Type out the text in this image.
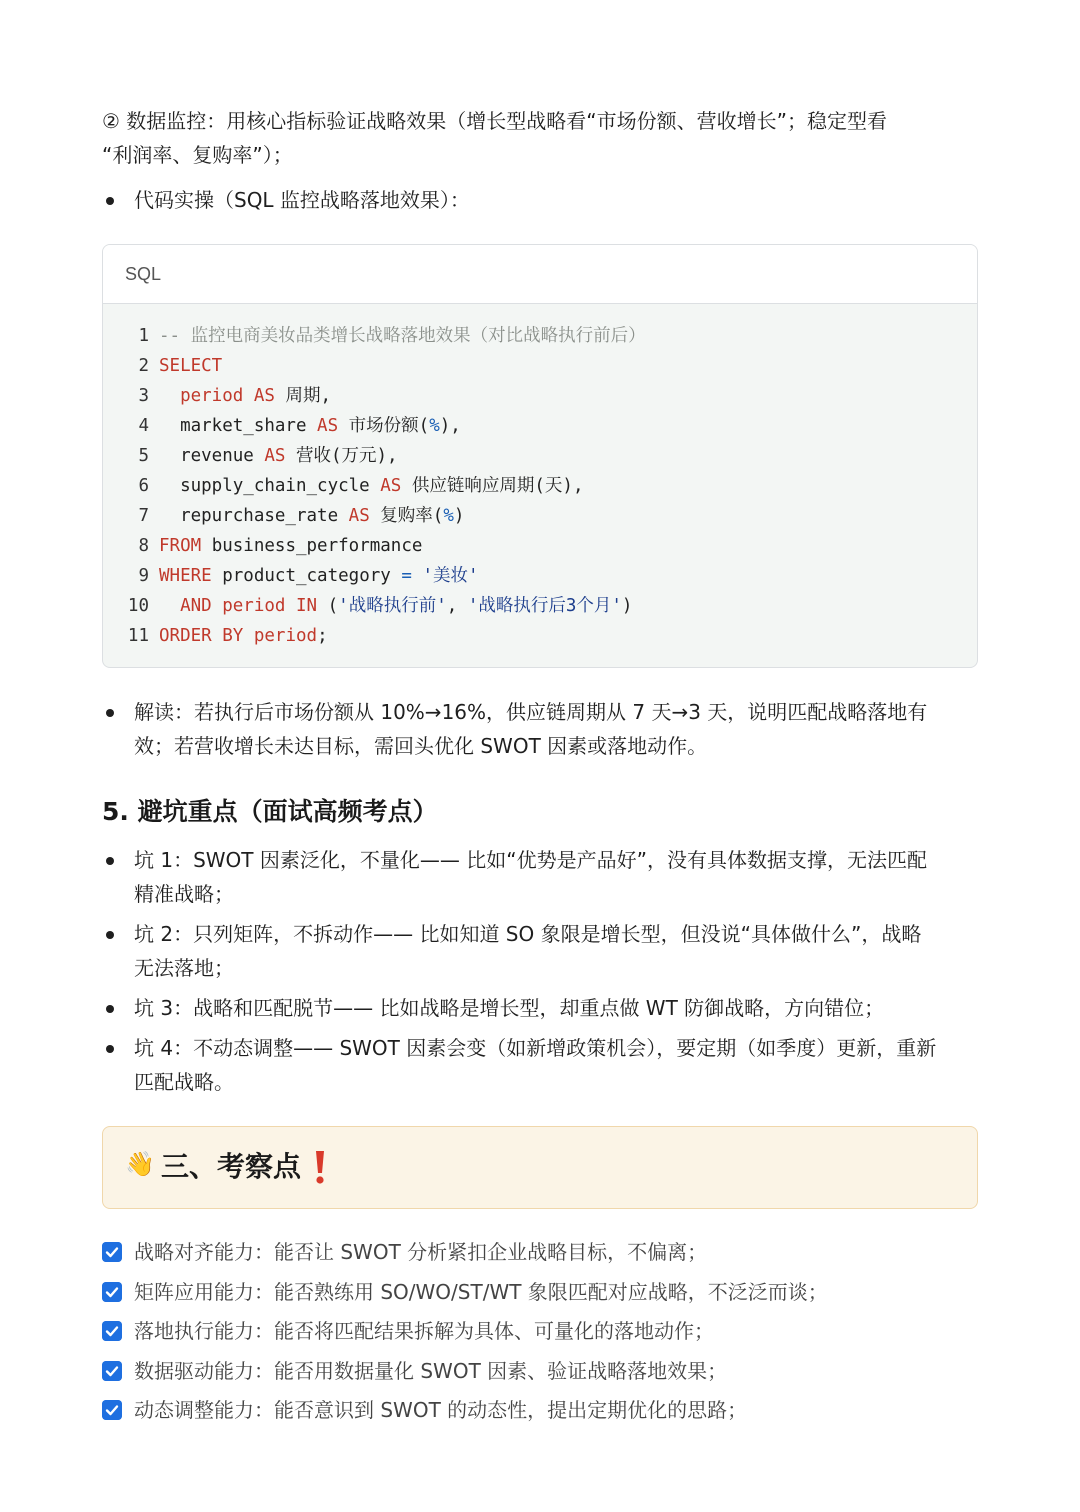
② 数据监控：用核心指标验证战略效果（增长型战略看“市场份额、营收增长”；稳定型看
“利润率、复购率”）；

代码实操（SQL 监控战略落地效果）：
SQL
1 -- 监控电商美妆品类增长战略落地效果（对比战略执行前后）
2 SELECT
3	period AS 周期,
4 market_share AS 市场份额(%),
5 revenue AS 营收(万元),
6 supply_chain_cycle AS 供应链响应周期(天),
7 repurchase_rate AS 复购率(%)
8 FROM business_performance
9 WHERE product_category = '美妆'
10	AND period IN ('战略执行前', '战略执行后3个月')
11 ORDER BY period;
解读：若执行后市场份额从 10%→16%，供应链周期从 7 天→3 天，说明匹配战略落地有
效；若营收增长未达目标，需回头优化 SWOT 因素或落地动作。
5. 避坑重点（面试高频考点）
坑 1：SWOT 因素泛化，不量化—— 比如“优势是产品好”，没有具体数据支撑，无法匹配
精准战略；
坑 2：只列矩阵，不拆动作—— 比如知道 SO 象限是增长型，但没说“具体做什么”，战略
无法落地；
坑 3：战略和匹配脱节—— 比如战略是增长型，却重点做 WT 防御战略，方向错位；
坑 4：不动态调整—— SWOT 因素会变（如新增政策机会），要定期（如季度）更新，重新
匹配战略。
👋 三、考察点
战略对齐能力：能否让 SWOT 分析紧扣企业战略目标，不偏离；
矩阵应用能力：能否熟练用 SO/WO/ST/WT 象限匹配对应战略，不泛泛而谈；
落地执行能力：能否将匹配结果拆解为具体、可量化的落地动作；
数据驱动能力：能否用数据量化 SWOT 因素、验证战略落地效果；
动态调整能力：能否意识到 SWOT 的动态性，提出定期优化的思路；
